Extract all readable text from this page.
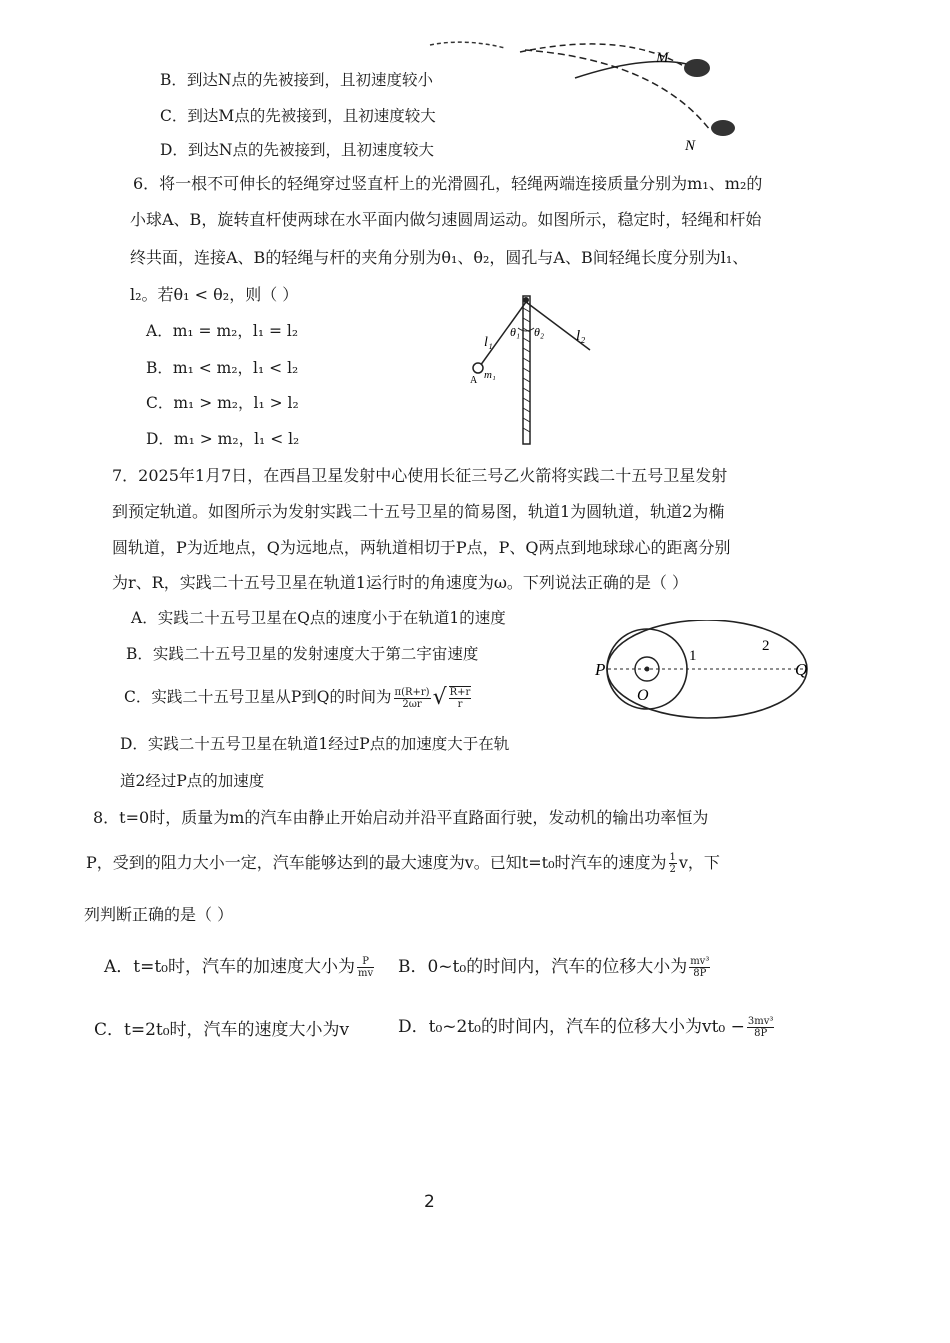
B．到达N点的先被接到，且初速度较小
C．到达M点的先被接到，且初速度较大
D．到达N点的先被接到，且初速度较大
M
N
6．将一根不可伸长的轻绳穿过竖直杆上的光滑圆孔，轻绳两端连接质量分别为m₁、m₂的
小球A、B，旋转直杆使两球在水平面内做匀速圆周运动。如图所示，稳定时，轻绳和杆始
终共面，连接A、B的轻绳与杆的夹角分别为θ₁、θ₂，圆孔与A、B间轻绳长度分别为l₁、
l₂。若θ₁ < θ₂，则（ ）
A．m₁ = m₂，l₁ = l₂
B．m₁ < m₂，l₁ < l₂
C．m₁ > m₂，l₁ > l₂
D．m₁ > m₂，l₁ < l₂
l₁	l₂
θ₁ θ₂
A m₁
7．2025年1月7日，在西昌卫星发射中心使用长征三号乙火箭将实践二十五号卫星发射
到预定轨道。如图所示为发射实践二十五号卫星的简易图，轨道1为圆轨道，轨道2为椭
圆轨道，P为近地点，Q为远地点，两轨道相切于P点，P、Q两点到地球球心的距离分别
为r、R，实践二十五号卫星在轨道1运行时的角速度为ω。下列说法正确的是（ ）
A．实践二十五号卫星在Q点的速度小于在轨道1的速度
B．实践二十五号卫星的发射速度大于第二宇宙速度
C．实践二十五号卫星从P到Q的时间为 $\frac{\pi(R+r)}{2\omega r}$ √ $\frac{R+r}{r}$
D．实践二十五号卫星在轨道1经过P点的加速度大于在轨
道2经过P点的加速度
P	Q
O
1
2
8．t=0时，质量为m的汽车由静止开始启动并沿平直路面行驶，发动机的输出功率恒为
P，受到的阻力大小一定，汽车能够达到的最大速度为v。已知t=t₀时汽车的速度为 $\frac{1}{2}$ v，下
列判断正确的是（ ）
A．t=t₀时，汽车的加速度大小为 $\frac{P}{mv}$ B．0~t₀的时间内，汽车的位移大小为 $\frac{\text{mv³}}{8P}$
C．t=2t₀时，汽车的速度大小为v	D．t₀~2t₀的时间内，汽车的位移大小为$vt_0 - \frac{\text{3mv³}}{8P}$
2
